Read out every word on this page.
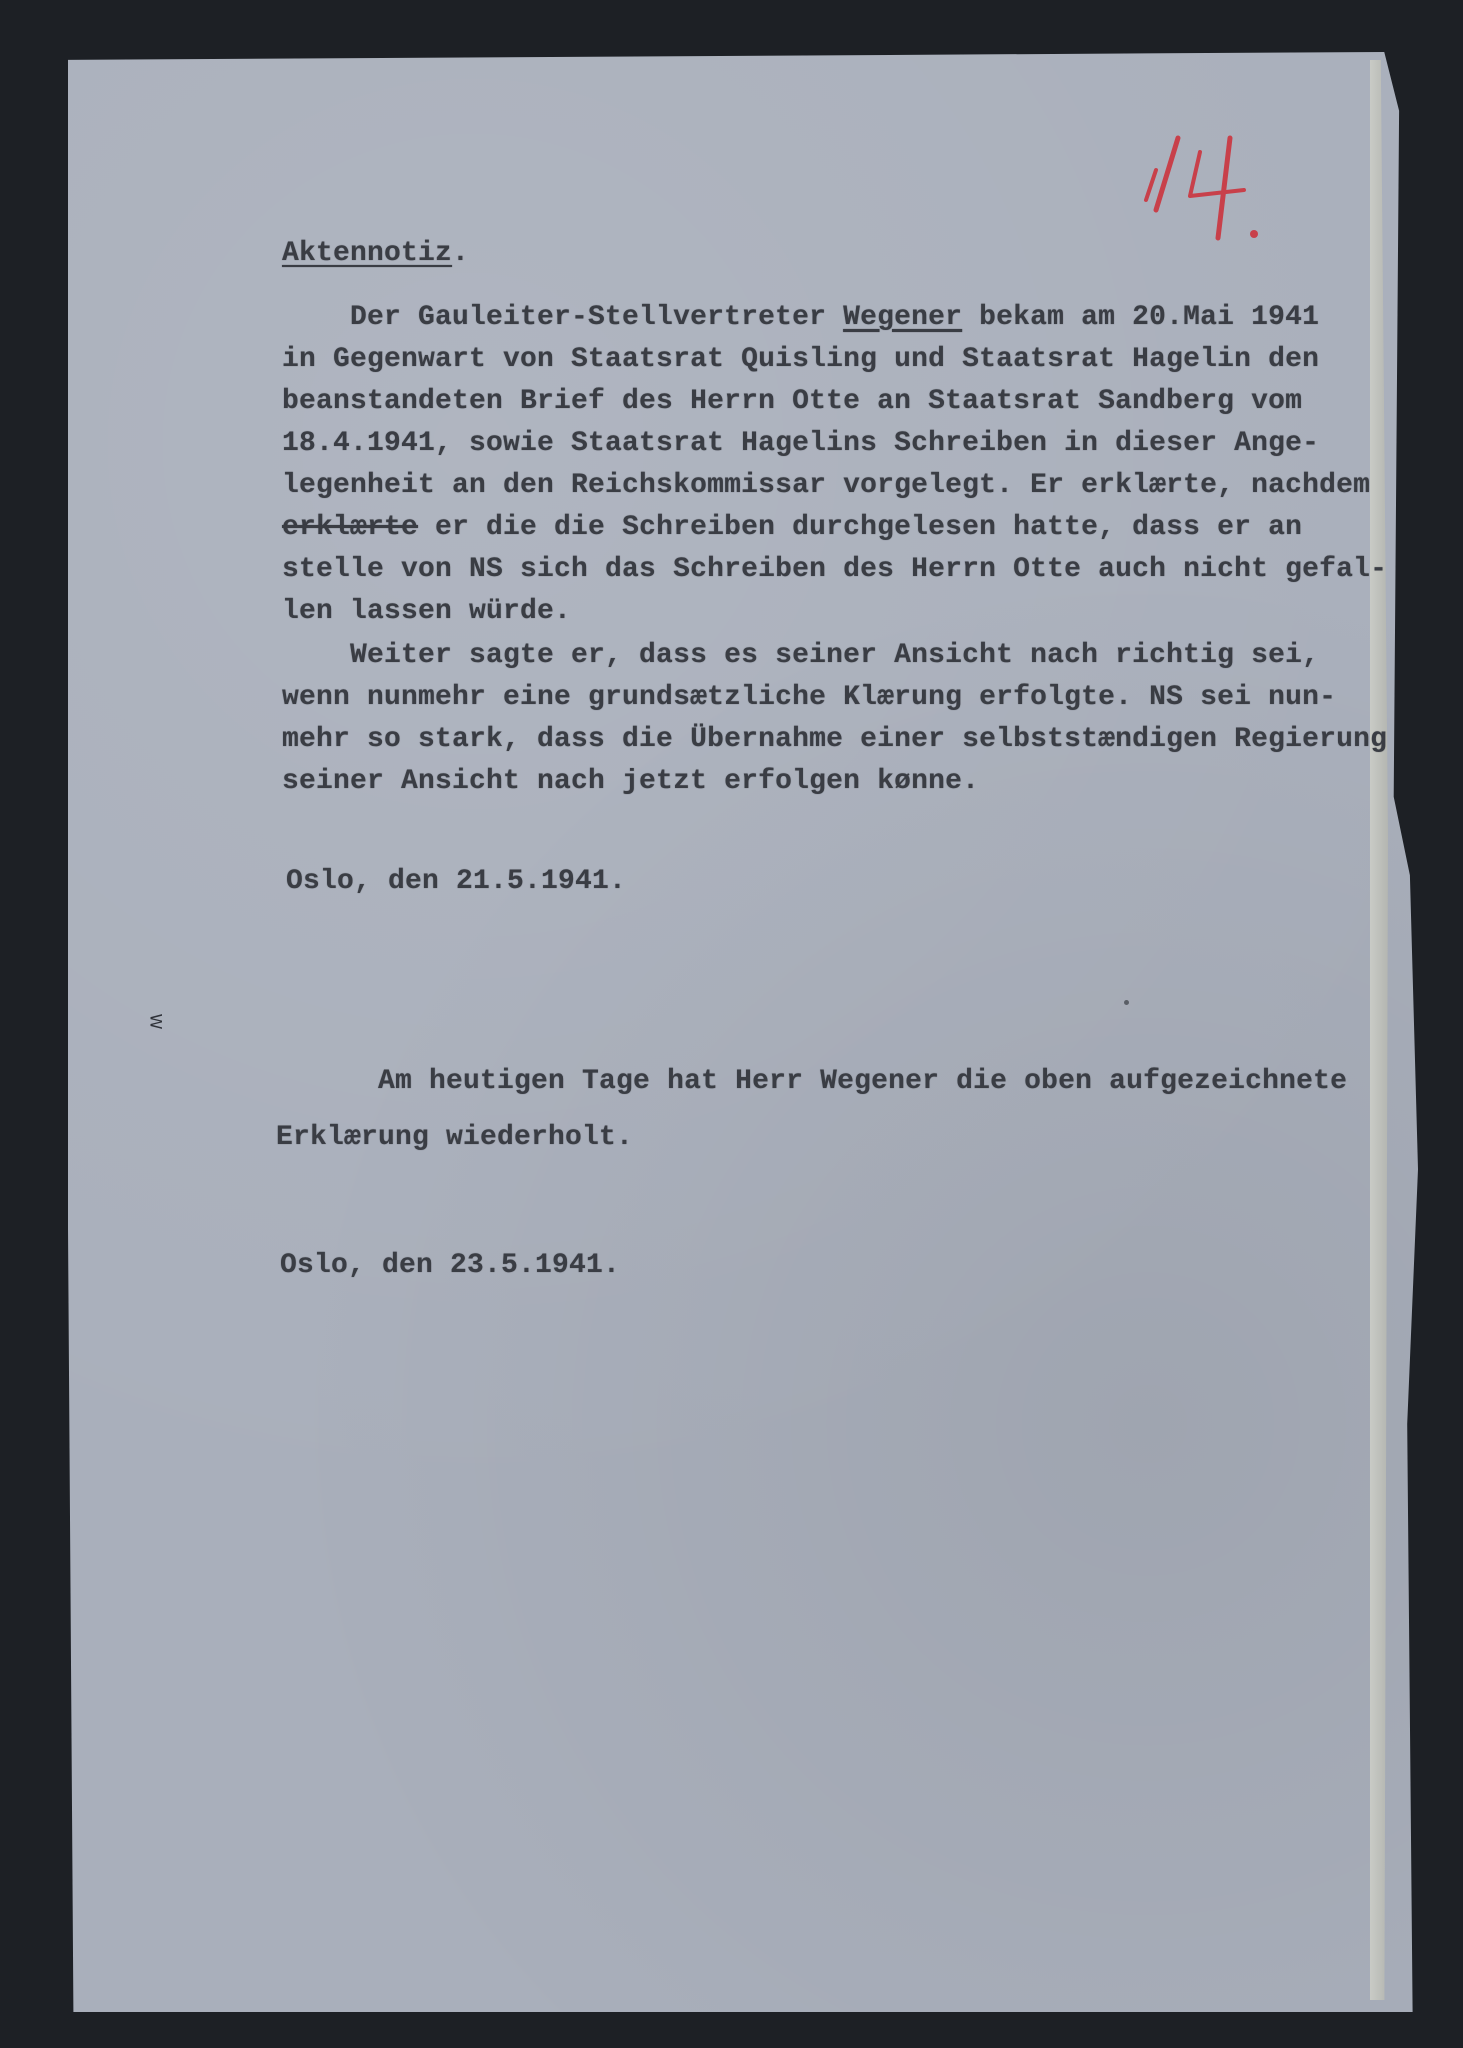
14.
Aktennotiz.
Der Gauleiter-Stellvertreter Wegener bekam am 20.Mai 1941
in Gegenwart von Staatsrat Quisling und Staatsrat Hagelin den
beanstandeten Brief des Herrn Otte an Staatsrat Sandberg vom
18.4.1941, sowie Staatsrat Hagelins Schreiben in dieser Ange-
legenheit an den Reichskommissar vorgelegt. Er erklærte, nachdem
erklærte er die die Schreiben durchgelesen hatte, dass er an
stelle von NS sich das Schreiben des Herrn Otte auch nicht gefal-
len lassen würde.
Weiter sagte er, dass es seiner Ansicht nach richtig sei,
wenn nunmehr eine grundsætzliche Klærung erfolgte. NS sei nun-
mehr so stark, dass die Übernahme einer selbststændigen Regierung
seiner Ansicht nach jetzt erfolgen kønne.
Oslo, den 21.5.1941.
W
Am heutigen Tage hat Herr Wegener die oben aufgezeichnete
Erklærung wiederholt.
Oslo, den 23.5.1941.
